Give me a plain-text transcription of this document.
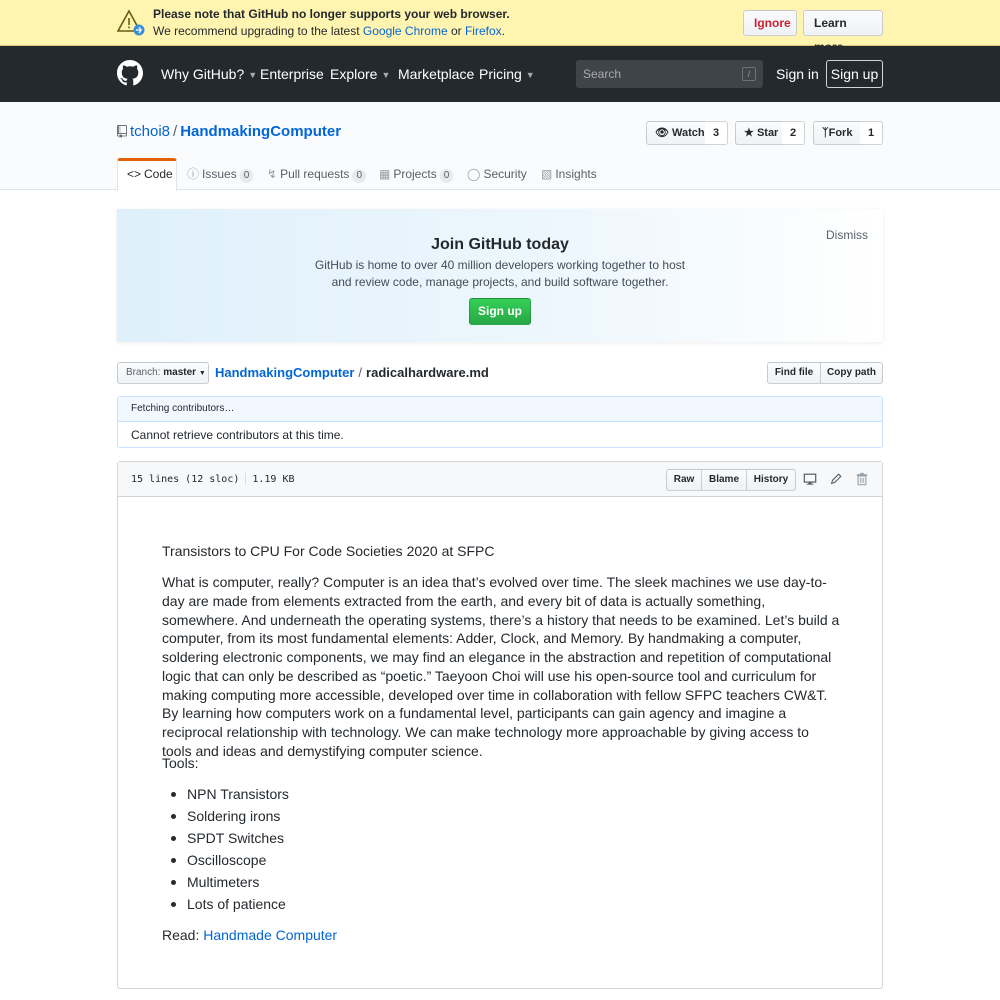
Please note that GitHub no longer supports your web browser.
We recommend upgrading to the latest Google Chrome or Firefox.
Ignore	Learn
Why GitHub? ▼ Enterprise Explore ▼ Marketplace Pricing ▼	Search	/	Sign in Sign up
tchoi8 / HandmakingComputer	👁 Watch 3	★ Star	2	ᛉFork	1
<> Code	ⓘ Issues 0	↯ Pull requests 0	▦ Projects 0	◯ Security ▧ Insights
Join GitHub today
GitHub is home to over 40 million developers working together to host and review code, manage projects, and build software together.
Sign up
Dismiss
Branch: master ▼ HandmakingComputer / radicalhardware.md	Find file	Copy path
Fetching contributors…
Cannot retrieve contributors at this time.
15 lines (12 sloc) 1.19 KB	Raw	Blame	History

Transistors to CPU For Code Societies 2020 at SFPC

What is computer, really? Computer is an idea that’s evolved over time. The sleek machines we use day-to-day are made from elements extracted from the earth, and every bit of data is actually something, somewhere. And underneath the operating systems, there’s a history that needs to be examined. Let’s build a computer, from its most fundamental elements: Adder, Clock, and Memory. By handmaking a computer, soldering electronic components, we may find an elegance in the abstraction and repetition of computational logic that can only be described as “poetic.” Taeyoon Choi will use his open-source tool and curriculum for making computing more accessible, developed over time in collaboration with fellow SFPC teachers CW&T. By learning how computers work on a fundamental level, participants can gain agency and imagine a reciprocal relationship with technology. We can make technology more approachable by giving access to tools and ideas and demystifying computer science.

Tools:

NPN Transistors
Soldering irons
SPDT Switches
Oscilloscope
Multimeters
Lots of patience

Read: Handmade Computer
